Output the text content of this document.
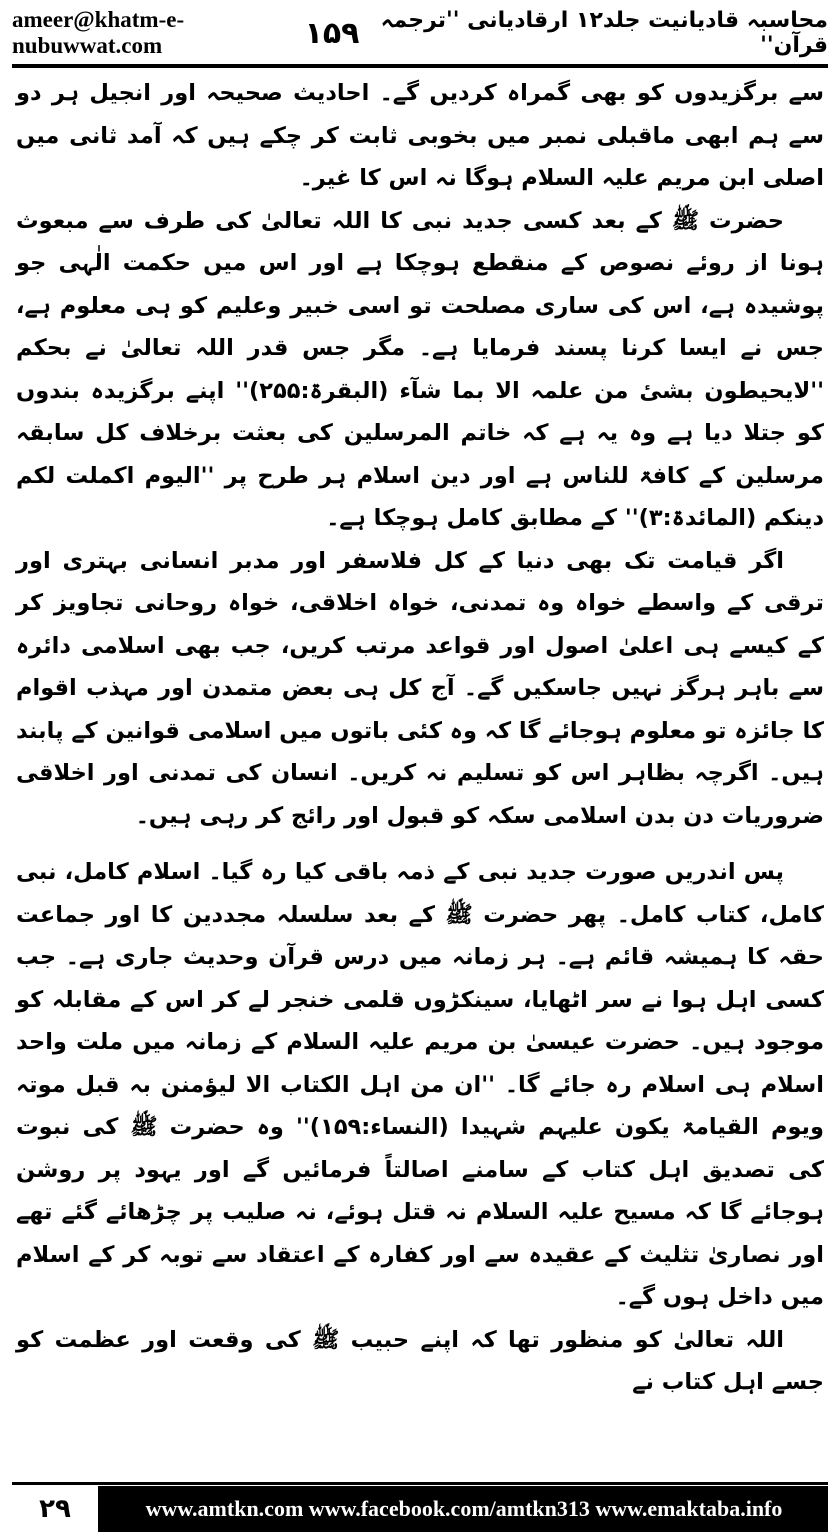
ameer@khatm-e-nubuwwat.com	۱۵۹ محاسبہ قادیانیت جلد۱۲ ارقادیانی ''ترجمہ قرآن''

سے برگزیدوں کو بھی گمراہ کردیں گے۔ احادیث صحیحہ اور انجیل ہر دو سے ہم ابھی ماقبلی نمبر میں بخوبی ثابت کر چکے ہیں کہ آمد ثانی میں اصلی ابن مریم علیہ السلام ہوگا نہ اس کا غیر۔

حضرت ﷺ کے بعد کسی جدید نبی کا اللہ تعالیٰ کی طرف سے مبعوث ہونا از روئے نصوص کے منقطع ہوچکا ہے اور اس میں حکمت الٰہی جو پوشیدہ ہے، اس کی ساری مصلحت تو اسی خبیر وعلیم کو ہی معلوم ہے، جس نے ایسا کرنا پسند فرمایا ہے۔ مگر جس قدر اللہ تعالیٰ نے بحکم ''لایحیطون بشیٔ من علمہ الا بما شآء (البقرۃ:۲۵۵)'' اپنے برگزیدہ بندوں کو جتلا دیا ہے وہ یہ ہے کہ خاتم المرسلین کی بعثت برخلاف کل سابقہ مرسلین کے کافۃ للناس ہے اور دین اسلام ہر طرح پر ''الیوم اکملت لکم دینکم (المائدۃ:۳)'' کے مطابق کامل ہوچکا ہے۔

اگر قیامت تک بھی دنیا کے کل فلاسفر اور مدبر انسانی بہتری اور ترقی کے واسطے خواہ وہ تمدنی، خواہ اخلاقی، خواہ روحانی تجاویز کر کے کیسے ہی اعلیٰ اصول اور قواعد مرتب کریں، جب بھی اسلامی دائرہ سے باہر ہرگز نہیں جاسکیں گے۔ آج کل ہی بعض متمدن اور مہذب اقوام کا جائزہ تو معلوم ہوجائے گا کہ وہ کئی باتوں میں اسلامی قوانین کے پابند ہیں۔ اگرچہ بظاہر اس کو تسلیم نہ کریں۔ انسان کی تمدنی اور اخلاقی ضروریات دن بدن اسلامی سکہ کو قبول اور رائج کر رہی ہیں۔

پس اندریں صورت جدید نبی کے ذمہ باقی کیا رہ گیا۔ اسلام کامل، نبی کامل، کتاب کامل۔ پھر حضرت ﷺ کے بعد سلسلہ مجددین کا اور جماعت حقہ کا ہمیشہ قائم ہے۔ ہر زمانہ میں درس قرآن وحدیث جاری ہے۔ جب کسی اہل ہوا نے سر اٹھایا، سینکڑوں قلمی خنجر لے کر اس کے مقابلہ کو موجود ہیں۔ حضرت عیسیٰ بن مریم علیہ السلام کے زمانہ میں ملت واحد اسلام ہی اسلام رہ جائے گا۔ ''ان من اہل الکتاب الا لیؤمنن بہ قبل موتہ ویوم القیامۃ یکون علیہم شہیدا (النساء:۱۵۹)'' وہ حضرت ﷺ کی نبوت کی تصدیق اہل کتاب کے سامنے اصالتاً فرمائیں گے اور یہود پر روشن ہوجائے گا کہ مسیح علیہ السلام نہ قتل ہوئے، نہ صلیب پر چڑھائے گئے تھے اور نصاریٰ تثلیث کے عقیدہ سے اور کفارہ کے اعتقاد سے توبہ کر کے اسلام میں داخل ہوں گے۔

اللہ تعالیٰ کو منظور تھا کہ اپنے حبیب ﷺ کی وقعت اور عظمت کو جسے اہل کتاب نے

۲۹	www.amtkn.com www.facebook.com/amtkn313 www.emaktaba.info
